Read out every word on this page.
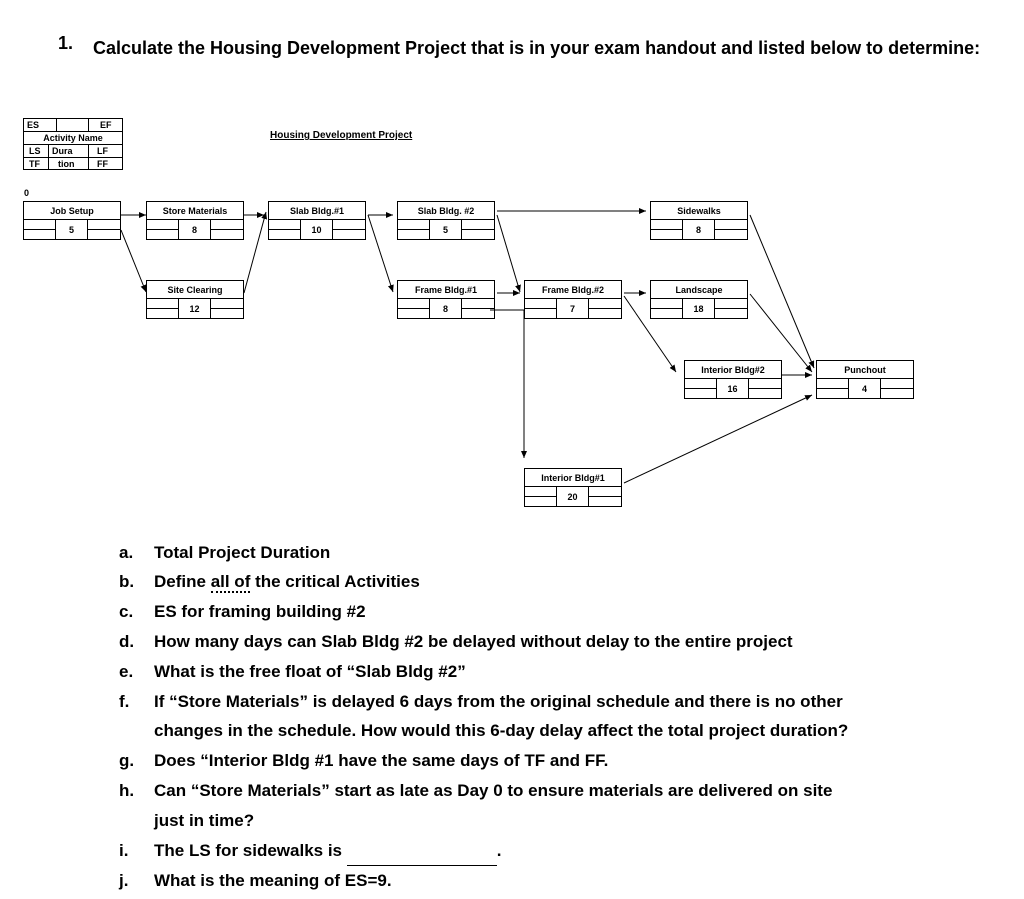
1. Calculate the Housing Development Project that is in your exam handout and listed below to determine:
ES	EF
Activity Name
LS Dura	LF
TF tion	FF
Housing Development Project
0
Job Setup
5
Store Materials
8
Site Clearing
12
Slab Bldg.#1
10
Slab Bldg. #2
5
Frame Bldg.#1
8
Frame Bldg.#2
7
Sidewalks
8
Landscape
18
Interior Bldg#2
16
Punchout
4
Interior Bldg#1
20
a.	Total Project Duration
b.	Define all of the critical Activities
c.	ES for framing building #2
d.	How many days can Slab Bldg #2 be delayed without delay to the entire project
e.	What is the free float of “Slab Bldg #2”
f.	If “Store Materials” is delayed 6 days from the original schedule and there is no other
changes in the schedule. How would this 6-day delay affect the total project duration?
g.	Does “Interior Bldg #1 have the same days of TF and FF.
h.	Can “Store Materials” start as late as Day 0 to ensure materials are delivered on site
just in time?
i.	The LS for sidewalks is	.
j.	What is the meaning of ES=9.
